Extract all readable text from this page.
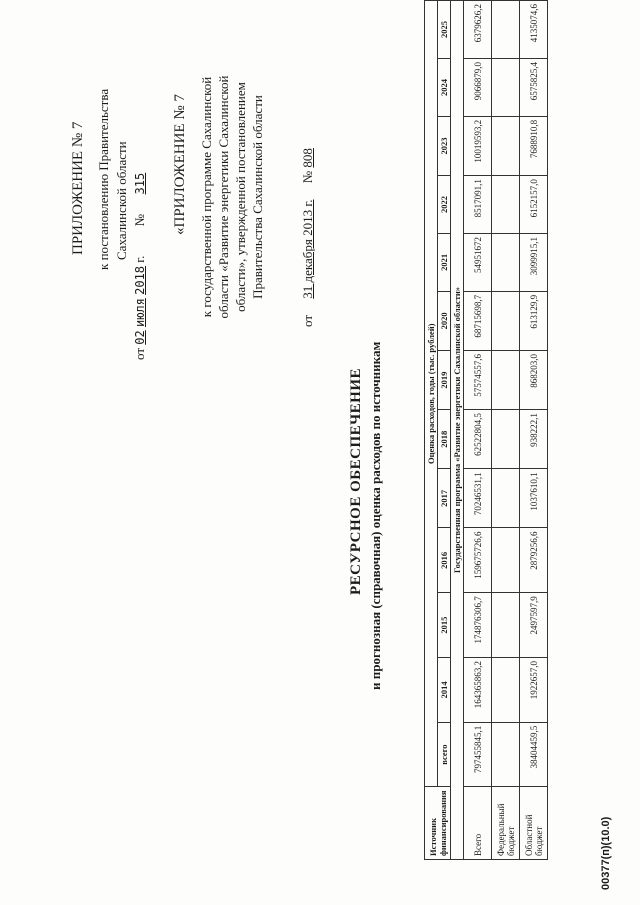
ПРИЛОЖЕНИЕ № 7 к постановлению Правительства Сахалинской области
от 02 июля 2018 г.         №      315 «ПРИЛОЖЕНИЕ № 7 к государственной программе Сахалинской области «Развитие энергетики Сахалинской области», утвержденной постановлением Правительства Сахалинской области
от     31 декабря 2013 г.     № 808
РЕСУРСНОЕ ОБЕСПЕЧЕНИЕ и прогнозная (справочная) оценка расходов по источникам
Источник финансирования	Оценка расходов, годы (тыс. рублей)												
	всего	2014	2015	2016	2017	2018	2019	2020	2021	2022	2023	2024	2025
Государственная программа «Развитие энергетики Сахалинской области»													
Всего	797455845,1	164365863,2	174876306,7	159675726,6	70246531,1	62522804,5	57574557,6	68715698,7	54951672	8517091,1	10019593,2	9066879,0	6379626,2
Федеральный бюджет													
Областной бюджет	38404459,5	1922657,0	2497597,9	2879256,6	1037610,1	938222,1	868203,0	613129,9	3099915,1	6152157,0	7688910,8	6575825,4	4135074,6
00377(п)(10.0)
